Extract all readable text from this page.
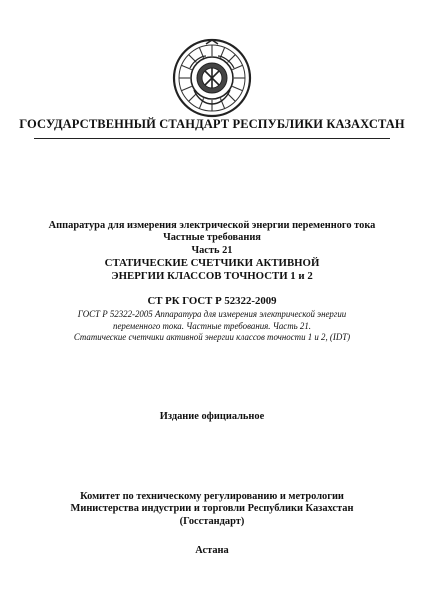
ГОСУДАРСТВЕННЫЙ СТАНДАРТ РЕСПУБЛИКИ КАЗАХСТАН
Аппаратура для измерения электрической энергии переменного тока
Частные требования
Часть 21
СТАТИЧЕСКИЕ СЧЕТЧИКИ АКТИВНОЙ
ЭНЕРГИИ КЛАССОВ ТОЧНОСТИ 1 и 2
СТ РК ГОСТ Р 52322-2009
ГОСТ Р 52322-2005 Аппаратура для измерения электрической энергии
переменного тока. Частные требования. Часть 21.
Статические счетчики активной энергии классов точности 1 и 2, (IDT)
Издание официальное
Комитет по техническому регулированию и метрологии
Министерства индустрии и торговли Республики Казахстан
(Госстандарт)
Астана
